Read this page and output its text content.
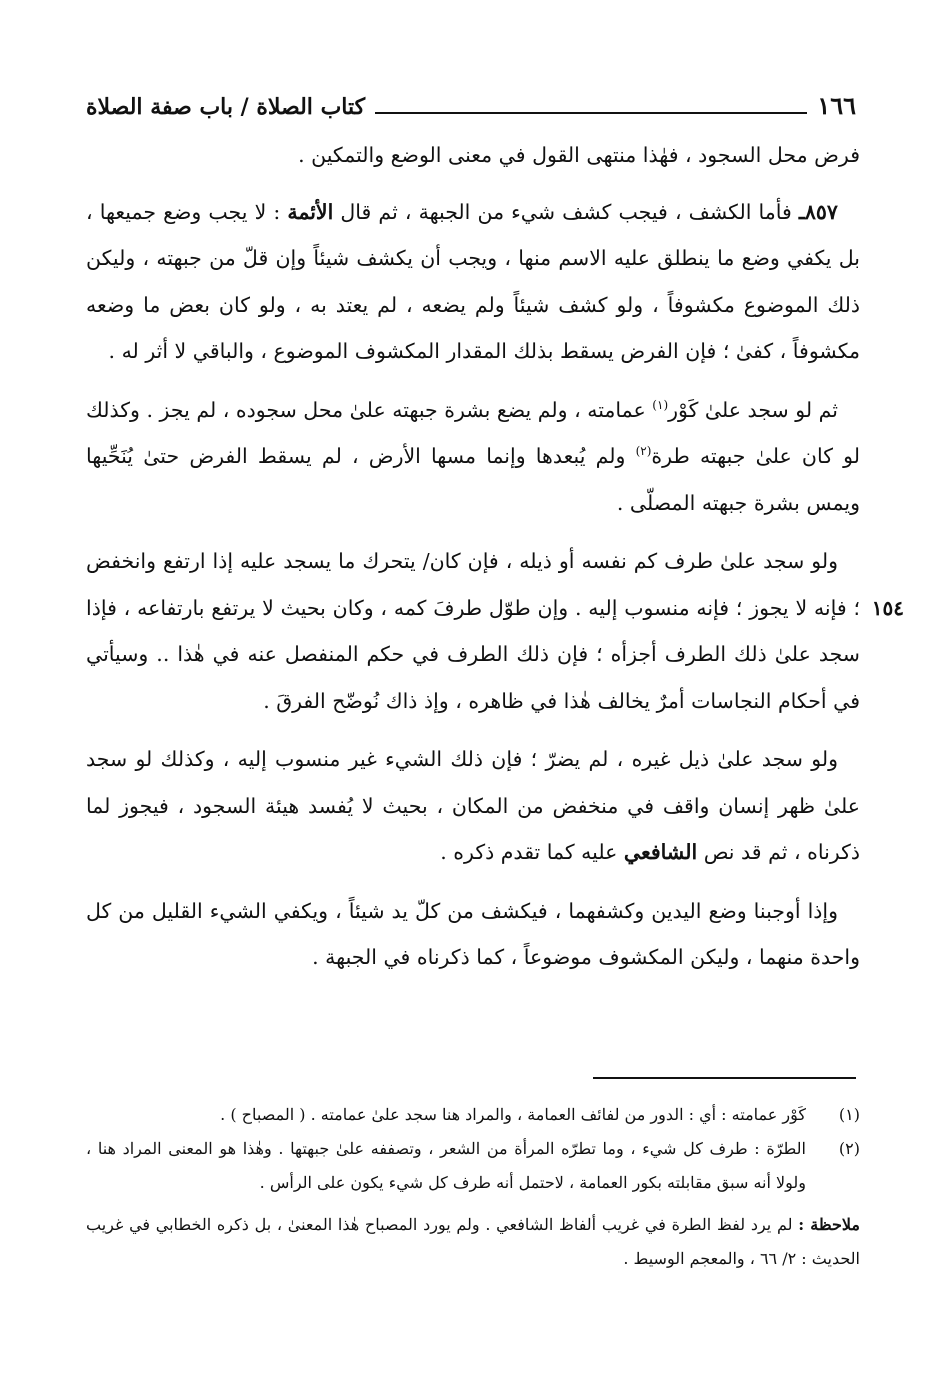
١٦٦
كتاب الصلاة / باب صفة الصلاة
١٥٤

فرض محل السجود ، فهٰذا منتهى القول في معنى الوضع والتمكين .

٨٥٧ـ فأما الكشف ، فيجب كشف شيء من الجبهة ، ثم قال الأئمة : لا يجب وضع جميعها ، بل يكفي وضع ما ينطلق عليه الاسم منها ، ويجب أن يكشف شيئاً وإن قلّ من جبهته ، وليكن ذلك الموضوع مكشوفاً ، ولو كشف شيئاً ولم يضعه ، لم يعتد به ، ولو كان بعض ما وضعه مكشوفاً ، كفىٰ ؛ فإن الفرض يسقط بذلك المقدار المكشوف الموضوع ، والباقي لا أثر له .

ثم لو سجد علىٰ كَوْر$^{(١)}$ عمامته ، ولم يضع بشرة جبهته علىٰ محل سجوده ، لم يجز . وكذلك لو كان علىٰ جبهته طرة$^{(٢)}$ ولم يُبعدها وإنما مسها الأرض ، لم يسقط الفرض حتىٰ يُنَحِّيها ويمس بشرة جبهته المصلّى .

ولو سجد علىٰ طرف كم نفسه أو ذيله ، فإن كان/ يتحرك ما يسجد عليه إذا ارتفع وانخفض ؛ فإنه لا يجوز ؛ فإنه منسوب إليه . وإن طوّل طرفَ كمه ، وكان بحيث لا يرتفع بارتفاعه ، فإذا سجد علىٰ ذلك الطرف أجزأه ؛ فإن ذلك الطرف في حكم المنفصل عنه في هٰذا .. وسيأتي في أحكام النجاسات أمرٌ يخالف هٰذا في ظاهره ، وإذ ذاك نُوضّح الفرقَ .

ولو سجد علىٰ ذيل غيره ، لم يضرّ ؛ فإن ذلك الشيء غير منسوب إليه ، وكذلك لو سجد علىٰ ظهر إنسان واقف في منخفض من المكان ، بحيث لا يُفسد هيئة السجود ، فيجوز لما ذكرناه ، ثم قد نص الشافعي عليه كما تقدم ذكره .

وإذا أوجبنا وضع اليدين وكشفهما ، فيكشف من كلّ يد شيئاً ، ويكفي الشيء القليل من كل واحدة منهما ، وليكن المكشوف موضوعاً ، كما ذكرناه في الجبهة .

(١)
كَوْر عمامته : أي : الدور من لفائف العمامة ، والمراد هنا سجد علىٰ عمامته . ( المصباح ) .
(٢)
الطرّة : طرف كل شيء ، وما تطرّه المرأة من الشعر ، وتصففه علىٰ جبهتها . وهٰذا هو المعنى المراد هنا ، ولولا أنه سبق مقابلته بكور العمامة ، لاحتمل أنه طرف كل شيء يكون على الرأس .
ملاحظة : لم يرد لفظ الطرة في غريب ألفاظ الشافعي . ولم يورد المصباح هٰذا المعنىٰ ، بل ذكره الخطابي في غريب الحديث : ٢/ ٦٦ ، والمعجم الوسيط .
